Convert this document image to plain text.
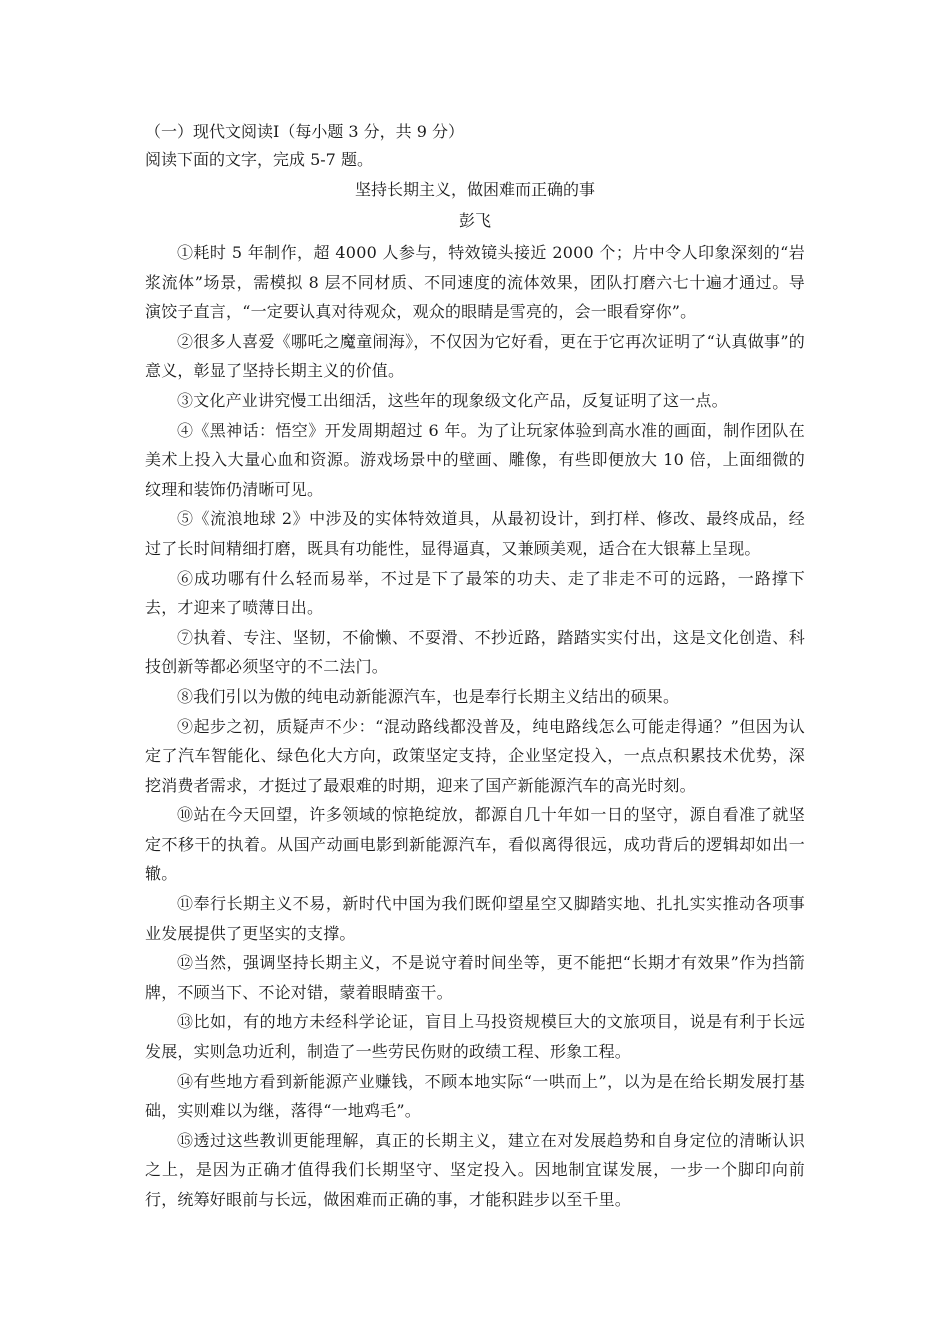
（一）现代文阅读Ⅰ（每小题 3 分，共 9 分）

阅读下面的文字，完成 5-7 题。

坚持长期主义，做困难而正确的事

彭飞

①耗时 5 年制作，超 4000 人参与，特效镜头接近 2000 个；片中令人印象深刻的“岩浆流体”场景，需模拟 8 层不同材质、不同速度的流体效果，团队打磨六七十遍才通过。导演饺子直言，“一定要认真对待观众，观众的眼睛是雪亮的，会一眼看穿你”。

②很多人喜爱《哪吒之魔童闹海》，不仅因为它好看，更在于它再次证明了“认真做事”的意义，彰显了坚持长期主义的价值。

③文化产业讲究慢工出细活，这些年的现象级文化产品，反复证明了这一点。

④《黑神话：悟空》开发周期超过 6 年。为了让玩家体验到高水准的画面，制作团队在美术上投入大量心血和资源。游戏场景中的壁画、雕像，有些即便放大 10 倍，上面细微的纹理和装饰仍清晰可见。

⑤《流浪地球 2》中涉及的实体特效道具，从最初设计，到打样、修改、最终成品，经过了长时间精细打磨，既具有功能性，显得逼真，又兼顾美观，适合在大银幕上呈现。

⑥成功哪有什么轻而易举，不过是下了最笨的功夫、走了非走不可的远路，一路撑下去，才迎来了喷薄日出。

⑦执着、专注、坚韧，不偷懒、不耍滑、不抄近路，踏踏实实付出，这是文化创造、科技创新等都必须坚守的不二法门。

⑧我们引以为傲的纯电动新能源汽车，也是奉行长期主义结出的硕果。

⑨起步之初，质疑声不少：“混动路线都没普及，纯电路线怎么可能走得通？”但因为认定了汽车智能化、绿色化大方向，政策坚定支持，企业坚定投入，一点点积累技术优势，深挖消费者需求，才挺过了最艰难的时期，迎来了国产新能源汽车的高光时刻。

⑩站在今天回望，许多领域的惊艳绽放，都源自几十年如一日的坚守，源自看准了就坚定不移干的执着。从国产动画电影到新能源汽车，看似离得很远，成功背后的逻辑却如出一辙。

⑪奉行长期主义不易，新时代中国为我们既仰望星空又脚踏实地、扎扎实实推动各项事业发展提供了更坚实的支撑。

⑫当然，强调坚持长期主义，不是说守着时间坐等，更不能把“长期才有效果”作为挡箭牌，不顾当下、不论对错，蒙着眼睛蛮干。

⑬比如，有的地方未经科学论证，盲目上马投资规模巨大的文旅项目，说是有利于长远发展，实则急功近利，制造了一些劳民伤财的政绩工程、形象工程。

⑭有些地方看到新能源产业赚钱，不顾本地实际“一哄而上”，以为是在给长期发展打基础，实则难以为继，落得“一地鸡毛”。

⑮透过这些教训更能理解，真正的长期主义，建立在对发展趋势和自身定位的清晰认识之上，是因为正确才值得我们长期坚守、坚定投入。因地制宜谋发展，一步一个脚印向前行，统筹好眼前与长远，做困难而正确的事，才能积跬步以至千里。
